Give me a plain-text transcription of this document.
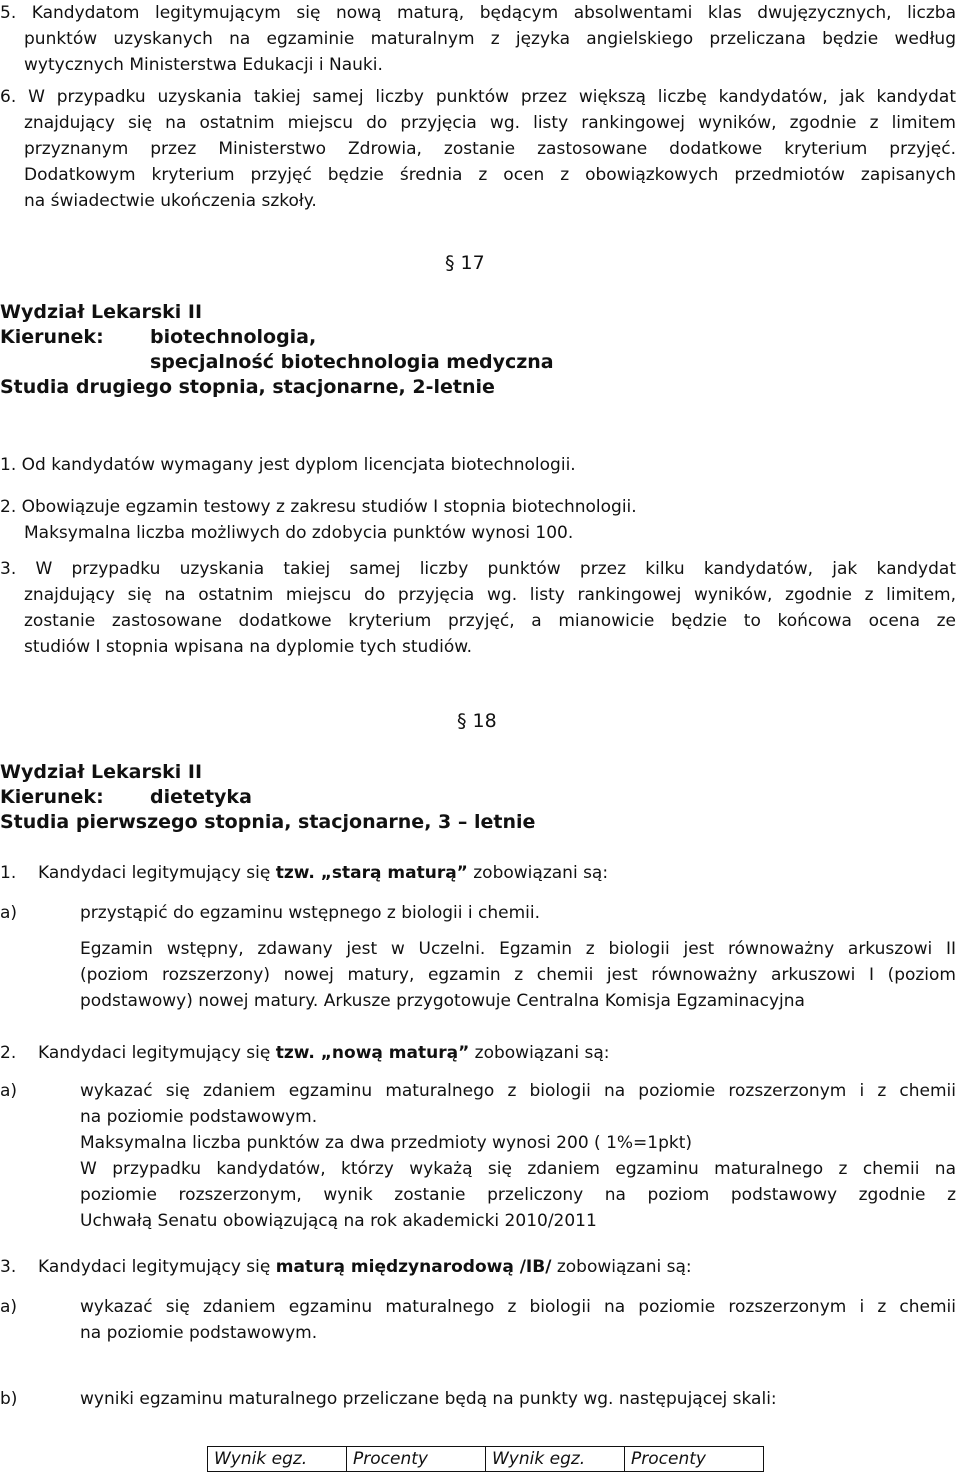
5. Kandydatom legitymującym się nową maturą, będącym absolwentami klas dwujęzycznych, liczba
punktów uzyskanych na egzaminie maturalnym z języka angielskiego przeliczana będzie według
wytycznych Ministerstwa Edukacji i Nauki.
6. W przypadku uzyskania takiej samej liczby punktów przez większą liczbę kandydatów, jak kandydat
znajdujący się na ostatnim miejscu do przyjęcia wg. listy rankingowej wyników, zgodnie z limitem
przyznanym przez Ministerstwo Zdrowia, zostanie zastosowane dodatkowe kryterium przyjęć.
Dodatkowym kryterium przyjęć będzie średnia z ocen z obowiązkowych przedmiotów zapisanych
na świadectwie ukończenia szkoły.
§ 17
Wydział Lekarski II
Kierunek: biotechnologia,
specjalność biotechnologia medyczna
Studia drugiego stopnia, stacjonarne, 2-letnie
1. Od kandydatów wymagany jest dyplom licencjata biotechnologii.
2. Obowiązuje egzamin testowy z zakresu studiów I stopnia biotechnologii.
Maksymalna liczba możliwych do zdobycia punktów wynosi 100.
3. W przypadku uzyskania takiej samej liczby punktów przez kilku kandydatów, jak kandydat
znajdujący się na ostatnim miejscu do przyjęcia wg. listy rankingowej wyników, zgodnie z limitem,
zostanie zastosowane dodatkowe kryterium przyjęć, a mianowicie będzie to końcowa ocena ze
studiów I stopnia wpisana na dyplomie tych studiów.
§ 18
Wydział Lekarski II
Kierunek: dietetyka
Studia pierwszego stopnia, stacjonarne, 3 – letnie
1. Kandydaci legitymujący się tzw. „starą maturą” zobowiązani są:
a)	przystąpić do egzaminu wstępnego z biologii i chemii.
Egzamin wstępny, zdawany jest w Uczelni. Egzamin z biologii jest równoważny arkuszowi II
(poziom rozszerzony) nowej matury, egzamin z chemii jest równoważny arkuszowi I (poziom
podstawowy) nowej matury. Arkusze przygotowuje Centralna Komisja Egzaminacyjna
2. Kandydaci legitymujący się tzw. „nową maturą” zobowiązani są:
a)	wykazać się zdaniem egzaminu maturalnego z biologii na poziomie rozszerzonym i z chemii
na poziomie podstawowym.
Maksymalna liczba punktów za dwa przedmioty wynosi 200 ( 1%=1pkt)
W przypadku kandydatów, którzy wykażą się zdaniem egzaminu maturalnego z chemii na
poziomie rozszerzonym, wynik zostanie przeliczony na poziom podstawowy zgodnie z
Uchwałą Senatu obowiązującą na rok akademicki 2010/2011
3. Kandydaci legitymujący się maturą międzynarodową /IB/ zobowiązani są:
a)	wykazać się zdaniem egzaminu maturalnego z biologii na poziomie rozszerzonym i z chemii
na poziomie podstawowym.
b)	wyniki egzaminu maturalnego przeliczane będą na punkty wg. następującej skali:
Wynik egz.	Procenty	Wynik egz.	Procenty
